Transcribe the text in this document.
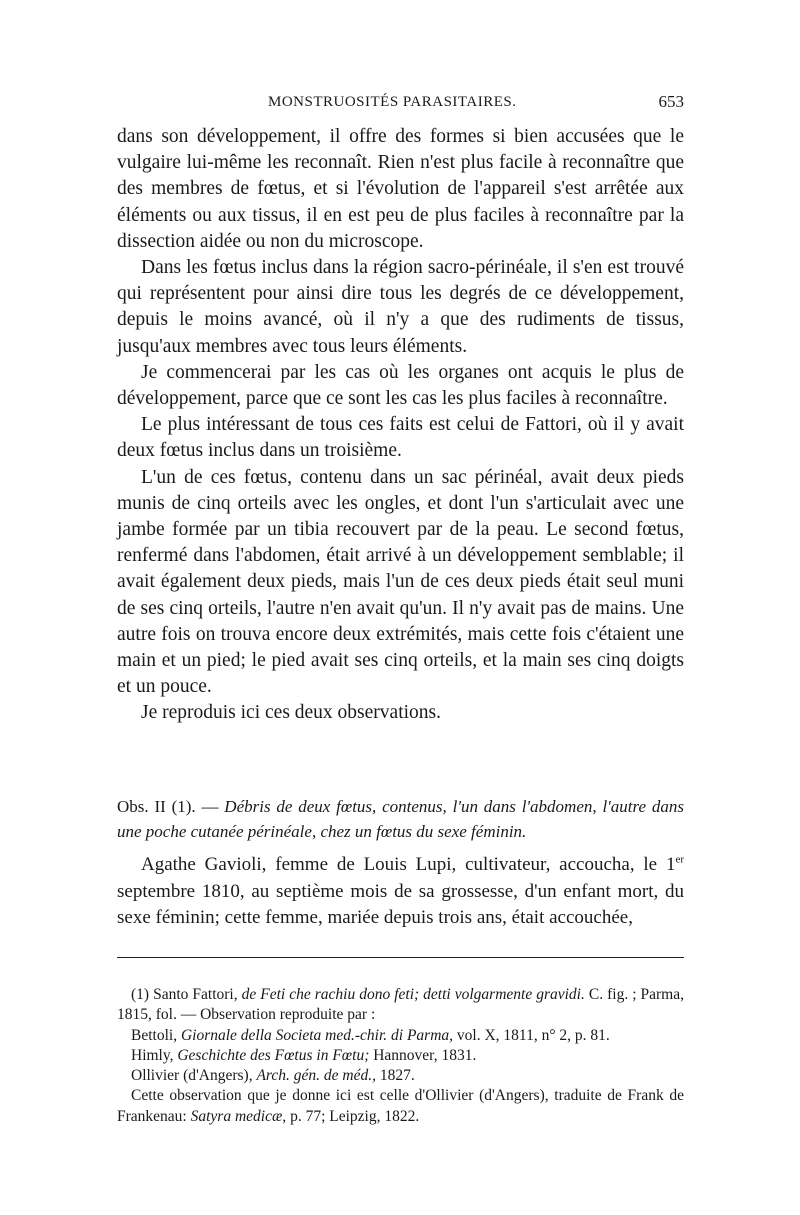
MONSTRUOSITÉS PARASITAIRES.	653

dans son développement, il offre des formes si bien accusées que le vulgaire lui-même les reconnaît. Rien n'est plus facile à reconnaître que des membres de fœtus, et si l'évolution de l'appareil s'est arrêtée aux éléments ou aux tissus, il en est peu de plus faciles à reconnaître par la dissection aidée ou non du microscope.

Dans les fœtus inclus dans la région sacro-périnéale, il s'en est trouvé qui représentent pour ainsi dire tous les degrés de ce développement, depuis le moins avancé, où il n'y a que des rudiments de tissus, jusqu'aux membres avec tous leurs éléments.

Je commencerai par les cas où les organes ont acquis le plus de développement, parce que ce sont les cas les plus faciles à reconnaître.

Le plus intéressant de tous ces faits est celui de Fattori, où il y avait deux fœtus inclus dans un troisième.

L'un de ces fœtus, contenu dans un sac périnéal, avait deux pieds munis de cinq orteils avec les ongles, et dont l'un s'articulait avec une jambe formée par un tibia recouvert par de la peau. Le second fœtus, renfermé dans l'abdomen, était arrivé à un développement semblable; il avait également deux pieds, mais l'un de ces deux pieds était seul muni de ses cinq orteils, l'autre n'en avait qu'un. Il n'y avait pas de mains. Une autre fois on trouva encore deux extrémités, mais cette fois c'étaient une main et un pied; le pied avait ses cinq orteils, et la main ses cinq doigts et un pouce.

Je reproduis ici ces deux observations.

Obs. II (1). — Débris de deux fœtus, contenus, l'un dans l'abdomen, l'autre dans une poche cutanée périnéale, chez un fœtus du sexe féminin.

Agathe Gavioli, femme de Louis Lupi, cultivateur, accoucha, le 1er septembre 1810, au septième mois de sa grossesse, d'un enfant mort, du sexe féminin; cette femme, mariée depuis trois ans, était accouchée,

(1) Santo Fattori, de Feti che rachiu dono feti; detti volgarmente gravidi. C. fig. ; Parma, 1815, fol. — Observation reproduite par :

Bettoli, Giornale della Societa med.-chir. di Parma, vol. X, 1811, n° 2, p. 81.

Himly, Geschichte des Fœtus in Fœtu; Hannover, 1831.

Ollivier (d'Angers), Arch. gén. de méd., 1827.

Cette observation que je donne ici est celle d'Ollivier (d'Angers), traduite de Frank de Frankenau: Satyra medicæ, p. 77; Leipzig, 1822.
